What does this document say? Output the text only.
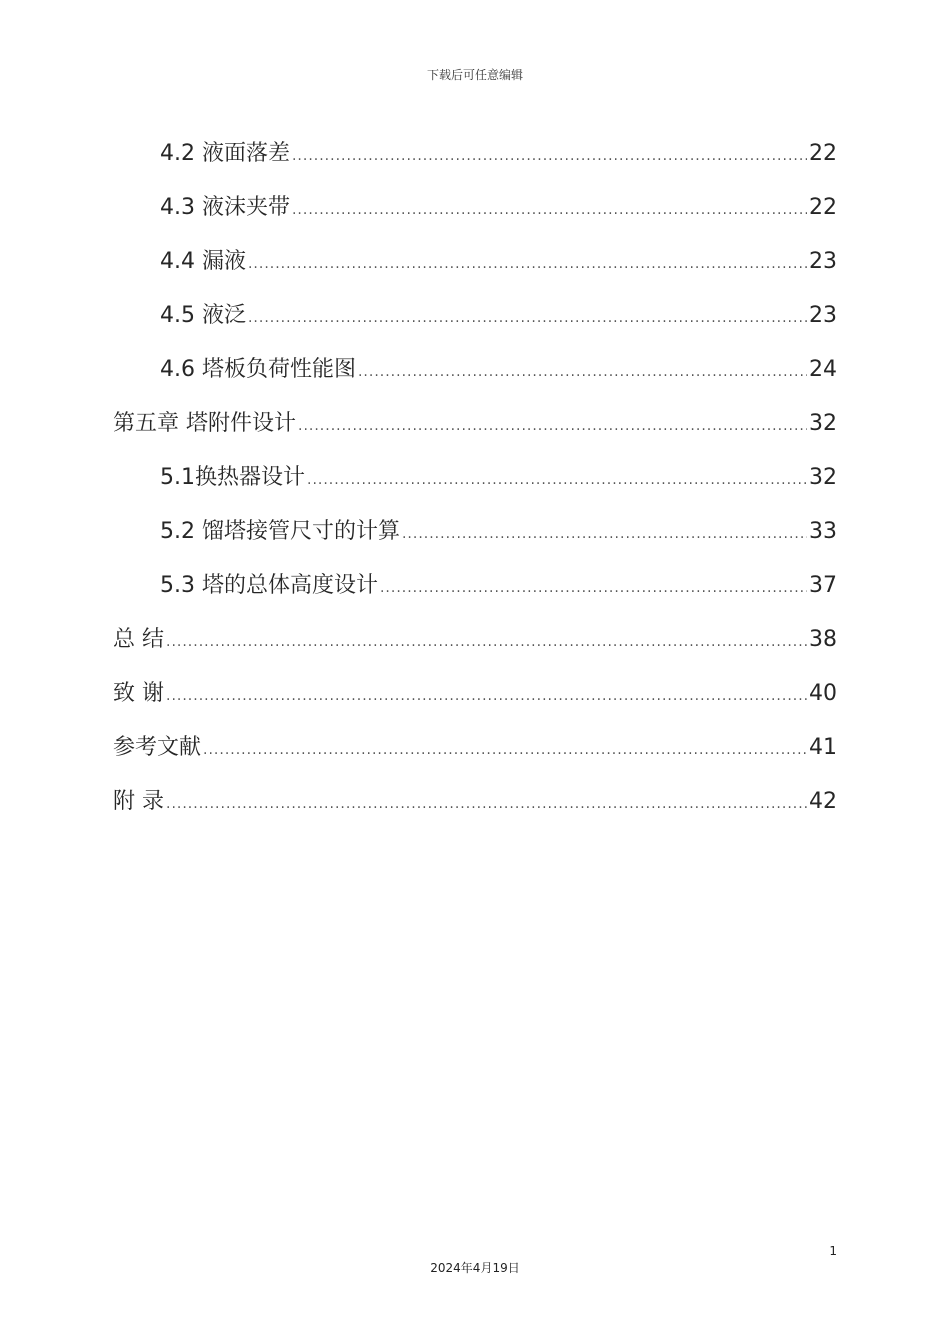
下载后可任意编辑
4.2 液面落差 .....	22
4.3 液沫夹带 .....	22
4.4 漏液 .....	23
4.5 液泛 .....	23
4.6 塔板负荷性能图 .....	24
第五章 塔附件设计 .....	32
5.1换热器设计 .....	32
5.2 馏塔接管尺寸的计算 .....	33
5.3 塔的总体高度设计 .....	37
总 结 .....	38
致 谢 .....	40
参考文献 .....	41
附 录 .....	42
1
2024年4月19日
